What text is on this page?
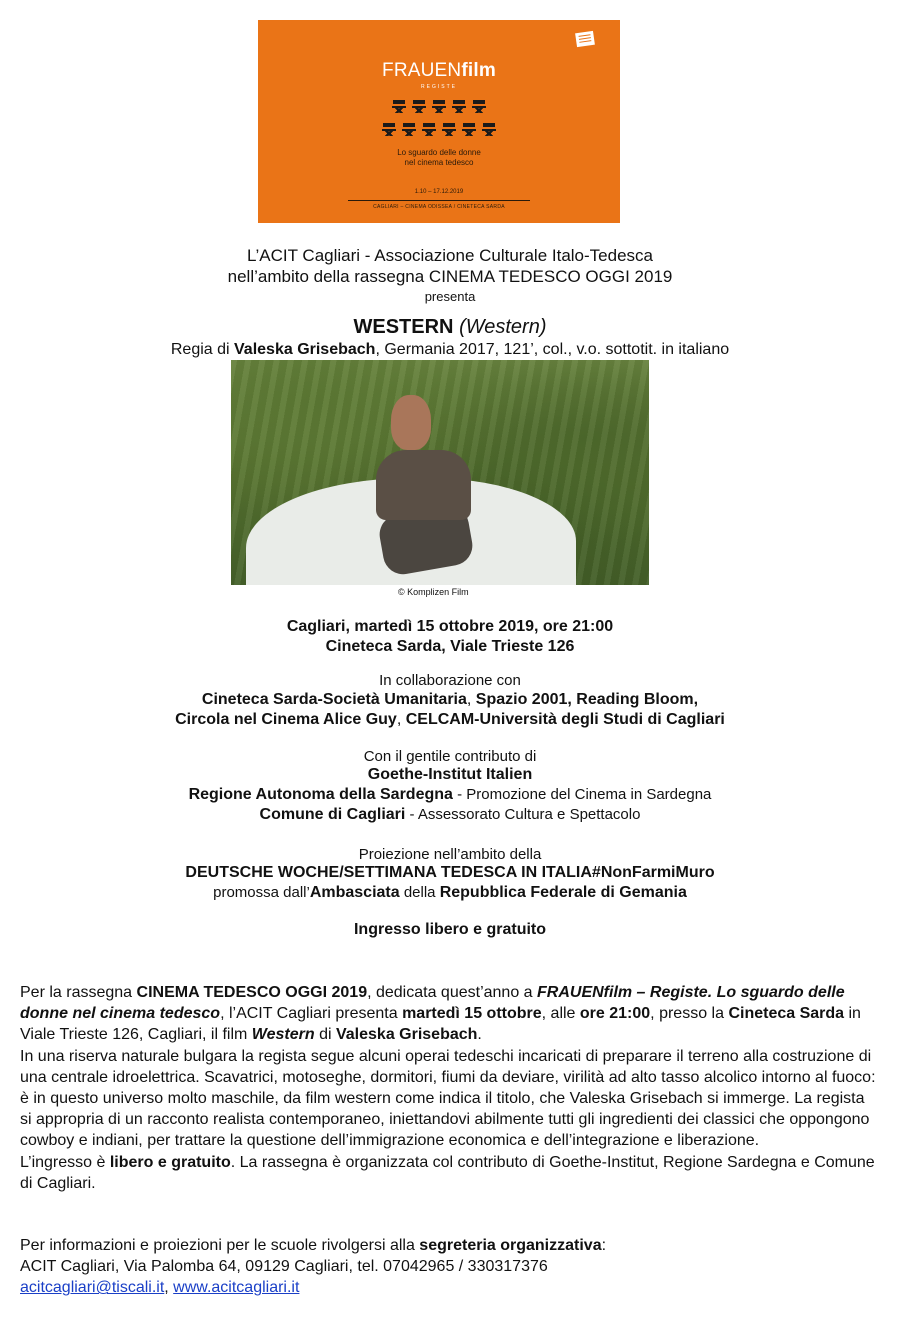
FRAUENfilm
REGISTE
Lo sguardo delle donne
nel cinema tedesco
1.10 – 17.12.2019
CAGLIARI – CINEMA ODISSEA / CINETECA SARDA
L’ACIT Cagliari - Associazione Culturale Italo-Tedesca
nell’ambito della rassegna CINEMA TEDESCO OGGI 2019
presenta
WESTERN (Western)
Regia di Valeska Grisebach, Germania 2017, 121’, col., v.o. sottotit. in italiano
© Komplizen Film
Cagliari, martedì 15 ottobre 2019, ore 21:00
Cineteca Sarda, Viale Trieste 126
In collaborazione con
Cineteca Sarda-Società Umanitaria, Spazio 2001, Reading Bloom,
Circola nel Cinema Alice Guy, CELCAM-Università degli Studi di Cagliari
Con il gentile contributo di
Goethe-Institut Italien
Regione Autonoma della Sardegna - Promozione del Cinema in Sardegna
Comune di Cagliari - Assessorato Cultura e Spettacolo
Proiezione nell’ambito della
DEUTSCHE WOCHE/SETTIMANA TEDESCA IN ITALIA#NonFarmiMuro
promossa dall’Ambasciata della Repubblica Federale di Gemania
Ingresso libero e gratuito
Per la rassegna CINEMA TEDESCO OGGI 2019, dedicata quest’anno a FRAUENfilm – Registe. Lo sguardo delle donne nel cinema tedesco, l’ACIT Cagliari presenta martedì 15 ottobre, alle ore 21:00, presso la Cineteca Sarda in Viale Trieste 126, Cagliari, il film Western di Valeska Grisebach.
In una riserva naturale bulgara la regista segue alcuni operai tedeschi incaricati di preparare il terreno alla costruzione di una centrale idroelettrica. Scavatrici, motoseghe, dormitori, fiumi da deviare, virilità ad alto tasso alcolico intorno al fuoco: è in questo universo molto maschile, da film western come indica il titolo, che Valeska Grisebach si immerge. La regista si appropria di un racconto realista contemporaneo, iniettandovi abilmente tutti gli ingredienti dei classici che oppongono cowboy e indiani, per trattare la questione dell’immigrazione economica e dell’integrazione e liberazione.
L’ingresso è libero e gratuito. La rassegna è organizzata col contributo di Goethe-Institut, Regione Sardegna e Comune di Cagliari.
Per informazioni e proiezioni per le scuole rivolgersi alla segreteria organizzativa:
ACIT Cagliari, Via Palomba 64, 09129 Cagliari, tel. 07042965 / 330317376
acitcagliari@tiscali.it, www.acitcagliari.it
